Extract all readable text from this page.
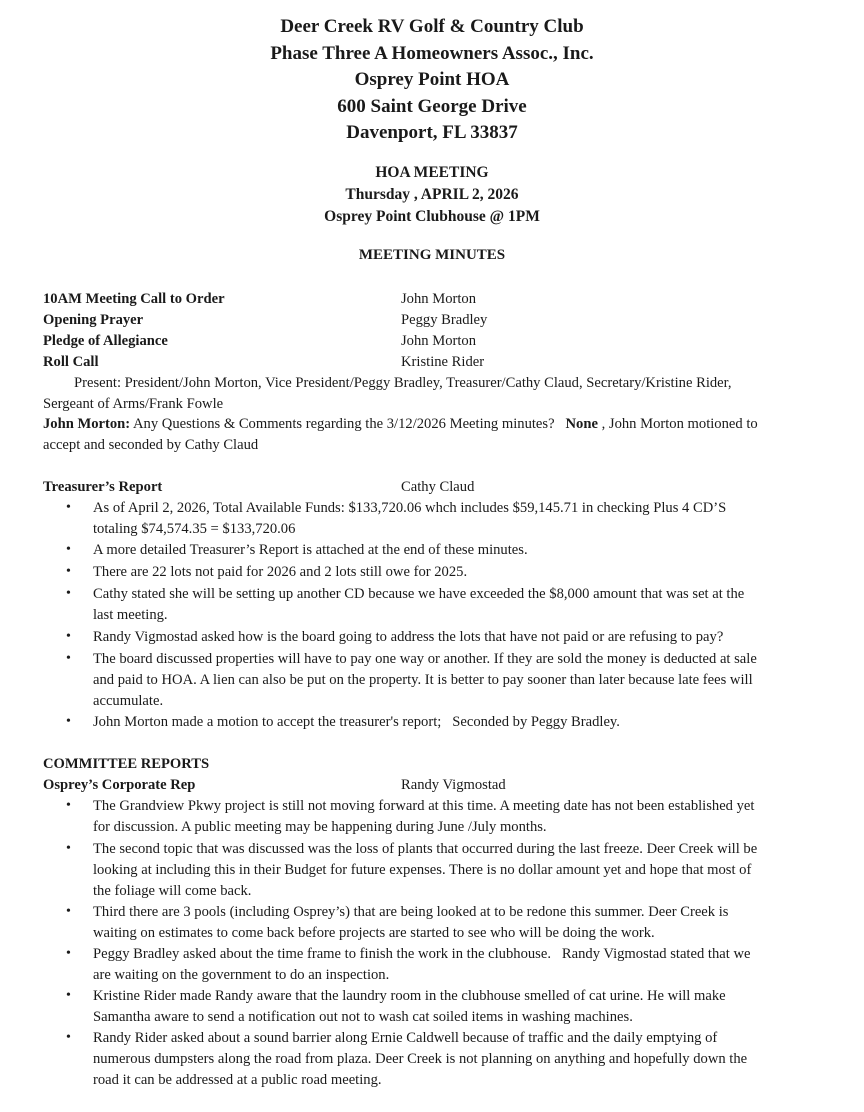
Deer Creek RV Golf & Country Club
Phase Three A Homeowners Assoc., Inc.
Osprey Point HOA
600 Saint George Drive
Davenport, FL 33837
HOA MEETING
Thursday , APRIL 2, 2026
Osprey Point Clubhouse @ 1PM
MEETING MINUTES
10AM Meeting Call to Order	John Morton
Opening Prayer	Peggy Bradley
Pledge of Allegiance	John Morton
Roll Call	Kristine Rider
Present: President/John Morton, Vice President/Peggy Bradley, Treasurer/Cathy Claud, Secretary/Kristine Rider,
Sergeant of Arms/Frank Fowle
John Morton: Any Questions & Comments regarding the 3/12/2026 Meeting minutes?   None , John Morton motioned to
accept and seconded by Cathy Claud
Treasurer’s Report	Cathy Claud
• As of April 2, 2026, Total Available Funds: $133,720.06 whch includes $59,145.71 in checking Plus 4 CD’S
totaling $74,574.35 = $133,720.06
• A more detailed Treasurer’s Report is attached at the end of these minutes.
• There are 22 lots not paid for 2026 and 2 lots still owe for 2025.
• Cathy stated she will be setting up another CD because we have exceeded the $8,000 amount that was set at the
last meeting.
• Randy Vigmostad asked how is the board going to address the lots that have not paid or are refusing to pay?
• The board discussed properties will have to pay one way or another. If they are sold the money is deducted at sale
and paid to HOA. A lien can also be put on the property. It is better to pay sooner than later because late fees will
accumulate.
• John Morton made a motion to accept the treasurer's report;   Seconded by Peggy Bradley.
COMMITTEE REPORTS
Osprey’s Corporate Rep	Randy Vigmostad
• The Grandview Pkwy project is still not moving forward at this time. A meeting date has not been established yet
for discussion. A public meeting may be happening during June /July months.
• The second topic that was discussed was the loss of plants that occurred during the last freeze. Deer Creek will be
looking at including this in their Budget for future expenses. There is no dollar amount yet and hope that most of
the foliage will come back.
• Third there are 3 pools (including Osprey’s) that are being looked at to be redone this summer. Deer Creek is
waiting on estimates to come back before projects are started to see who will be doing the work.
• Peggy Bradley asked about the time frame to finish the work in the clubhouse.   Randy Vigmostad stated that we
are waiting on the government to do an inspection.
• Kristine Rider made Randy aware that the laundry room in the clubhouse smelled of cat urine. He will make
Samantha aware to send a notification out not to wash cat soiled items in washing machines.
• Randy Rider asked about a sound barrier along Ernie Caldwell because of traffic and the daily emptying of
numerous dumpsters along the road from plaza. Deer Creek is not planning on anything and hopefully down the
road it can be addressed at a public road meeting.
